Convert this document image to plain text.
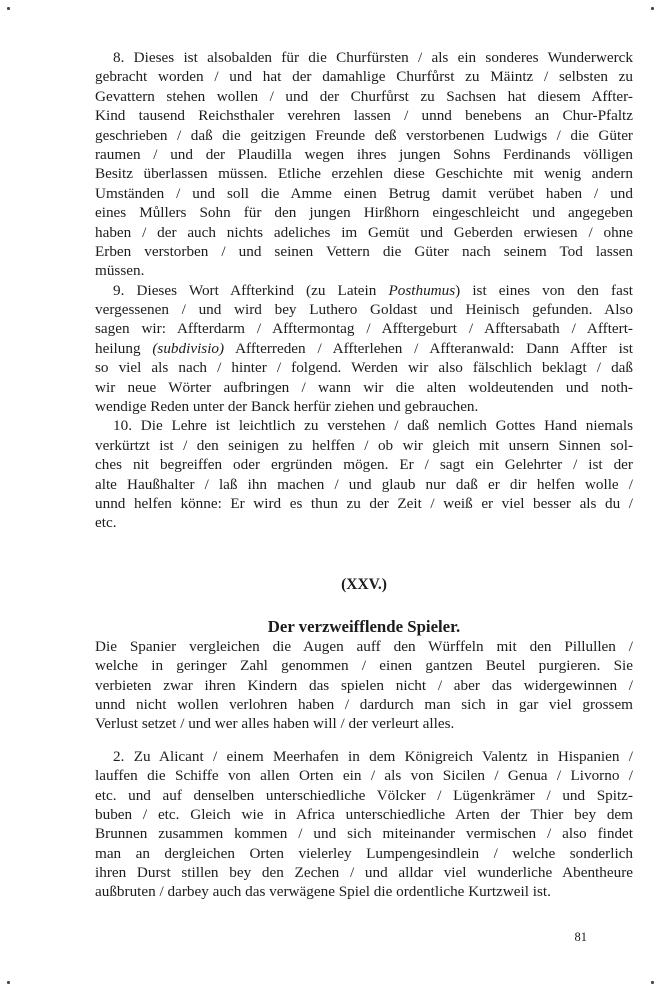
8. Dieses ist alsobalden für die Churfürsten / als ein sonderes Wunderwerck
gebracht worden / und hat der damahlige Churfůrst zu Mäintz / selbsten zu
Gevattern stehen wollen / und der Churfůrst zu Sachsen hat diesem Affter-
Kind tausend Reichsthaler verehren lassen / unnd benebens an Chur-Pfaltz
geschrieben / daß die geitzigen Freunde deß verstorbenen Ludwigs / die Güter
raumen / und der Plaudilla wegen ihres jungen Sohns Ferdinands völligen
Besitz überlassen müssen. Etliche erzehlen diese Geschichte mit wenig andern
Umständen / und soll die Amme einen Betrug damit verübet haben / und
eines Můllers Sohn für den jungen Hirßhorn eingeschleicht und angegeben
haben / der auch nichts adeliches im Gemüt und Geberden erwiesen / ohne
Erben verstorben / und seinen Vettern die Güter nach seinem Tod lassen
müssen.
9. Dieses Wort Affterkind (zu Latein Posthumus) ist eines von den fast
vergessenen / und wird bey Luthero Goldast und Heinisch gefunden. Also
sagen wir: Affterdarm / Afftermontag / Afftergeburt / Afftersabath / Afftert-
heilung (subdivisio) Affterreden / Affterlehen / Affteranwald: Dann Affter ist
so viel als nach / hinter / folgend. Werden wir also fälschlich beklagt / daß
wir neue Wörter aufbringen / wann wir die alten woldeutenden und noth-
wendige Reden unter der Banck herfür ziehen und gebrauchen.
10. Die Lehre ist leichtlich zu verstehen / daß nemlich Gottes Hand niemals
verkürtzt ist / den seinigen zu helffen / ob wir gleich mit unsern Sinnen sol-
ches nit begreiffen oder ergründen mögen. Er / sagt ein Gelehrter / ist der
alte Haußhalter / laß ihn machen / und glaub nur daß er dir helfen wolle /
unnd helfen könne: Er wird es thun zu der Zeit / weiß er viel besser als du /
etc.
(XXV.)
Der verzweifflende Spieler.
Die Spanier vergleichen die Augen auff den Würffeln mit den Pillullen /
welche in geringer Zahl genommen / einen gantzen Beutel purgieren. Sie
verbieten zwar ihren Kindern das spielen nicht / aber das widergewinnen /
unnd nicht wollen verlohren haben / dardurch man sich in gar viel grossem
Verlust setzet / und wer alles haben will / der verleurt alles.
2. Zu Alicant / einem Meerhafen in dem Königreich Valentz in Hispanien /
lauffen die Schiffe von allen Orten ein / als von Sicilen / Genua / Livorno /
etc. und auf denselben unterschiedliche Völcker / Lügenkrämer / und Spitz-
buben / etc. Gleich wie in Africa unterschiedliche Arten der Thier bey dem
Brunnen zusammen kommen / und sich miteinander vermischen / also findet
man an dergleichen Orten vielerley Lumpengesindlein / welche sonderlich
ihren Durst stillen bey den Zechen / und alldar viel wunderliche Abentheure
außbruten / darbey auch das verwägene Spiel die ordentliche Kurtzweil ist.
81
